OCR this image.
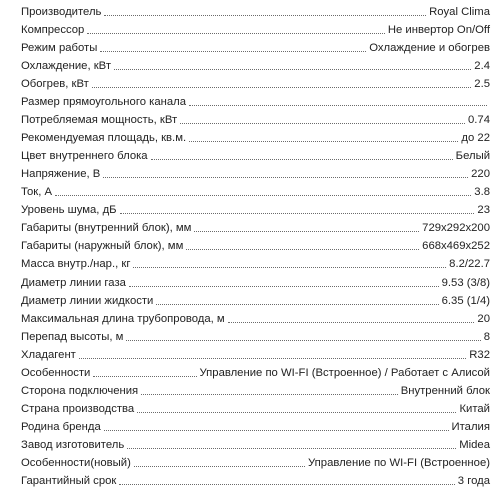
Производитель	Royal Clima
Компрессор	Не инвертор On/Off
Режим работы	Охлаждение и обогрев
Охлаждение, кВт	2.4
Обогрев, кВт	2.5
Размер прямоугольного канала
Потребляемая мощность, кВт	0.74
Рекомендуемая площадь, кв.м.	до 22
Цвет внутреннего блока	Белый
Напряжение, В	220
Ток, А	3.8
Уровень шума, дБ	23
Габариты (внутренний блок), мм	729x292x200
Габариты (наружный блок), мм	668x469x252
Масса внутр./нар., кг	8.2/22.7
Диаметр линии газа	9.53 (3/8)
Диаметр линии жидкости	6.35 (1/4)
Максимальная длина трубопровода, м	20
Перепад высоты, м	8
Хладагент	R32
Особенности	Управление по WI-FI (Встроенное) / Работает с Алисой
Сторона подключения	Внутренний блок
Страна производства	Китай
Родина бренда	Италия
Завод изготовитель	Midea
Особенности(новый)	Управление по WI-FI (Встроенное)
Гарантийный срок	3 года
